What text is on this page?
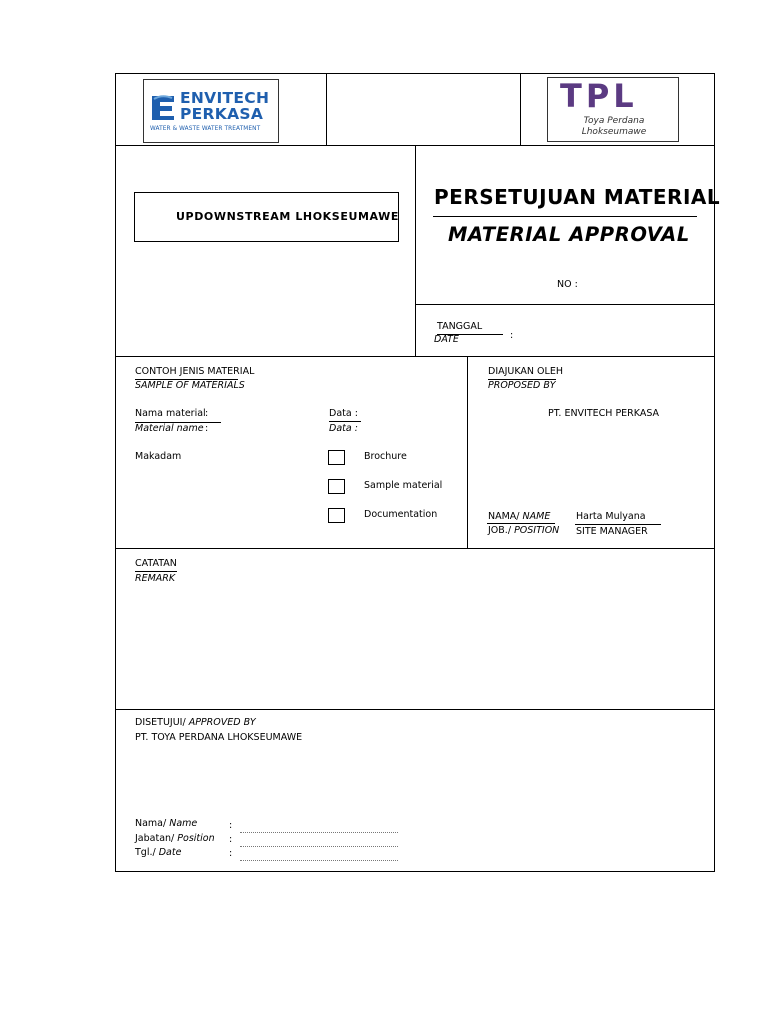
ENVITECH
PERKASA
WATER & WASTE WATER TREATMENT
TPL
Toya Perdana
Lhokseumawe
UPDOWNSTREAM LHOKSEUMAWE
PERSETUJUAN MATERIAL
MATERIAL APPROVAL
NO :
TANGGAL
DATE	:
CONTOH JENIS MATERIAL
SAMPLE OF MATERIALS
Nama material :
Material name :
Data :
Data :
Makadam	Brochure
Sample material
Documentation
DIAJUKAN OLEH
PROPOSED BY
PT. ENVITECH PERKASA
NAMA/ NAME	Harta Mulyana
JOB./ POSITION SITE MANAGER
CATATAN
REMARK
DISETUJUI/ APPROVED BY
PT. TOYA PERDANA LHOKSEUMAWE
Nama/ Name	:
Jabatan/ Position :
Tgl./ Date	:
